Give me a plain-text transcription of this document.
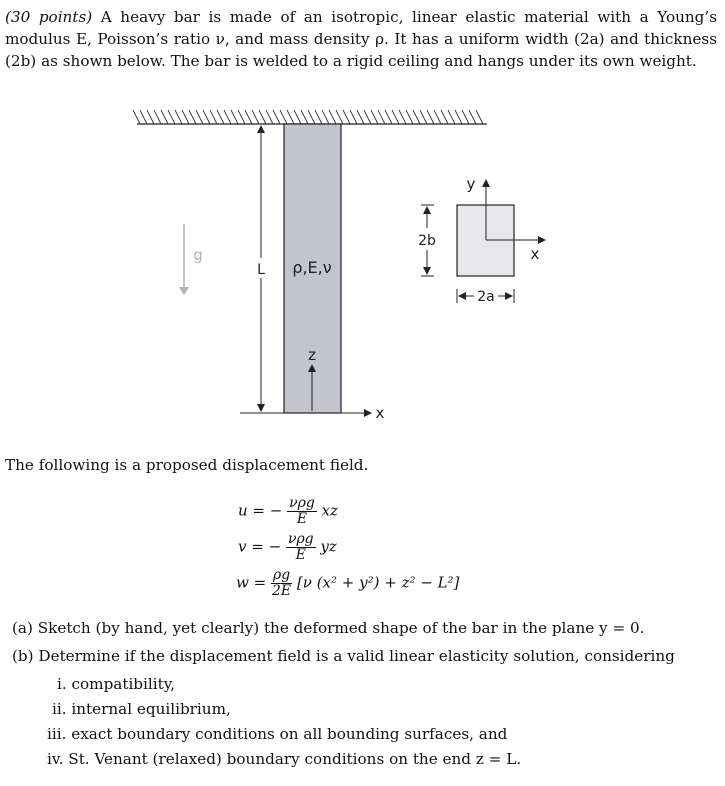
(30 points) A heavy bar is made of an isotropic, linear elastic material with a Young’s modulus E, Poisson’s ratio ν, and mass density ρ. It has a uniform width (2a) and thickness (2b) as shown below. The bar is welded to a rigid ceiling and hangs under its own weight.

L
g
ρ,E,ν
z
x
y
x
2b
2a

The following is a proposed displacement field.

u = − $\frac{\text{νρg}}{E}$ xz
v = − $\frac{\text{νρg}}{E}$ yz
$w = \frac{\rho g}{2E} [\nu$ (x² + y²) + z² − L²]

(a) Sketch (by hand, yet clearly) the deformed shape of the bar in the plane y = 0.

(b) Determine if the displacement field is a valid linear elasticity solution, considering

i. compatibility,

ii. internal equilibrium,

iii. exact boundary conditions on all bounding surfaces, and

iv. St. Venant (relaxed) boundary conditions on the end z = L.
